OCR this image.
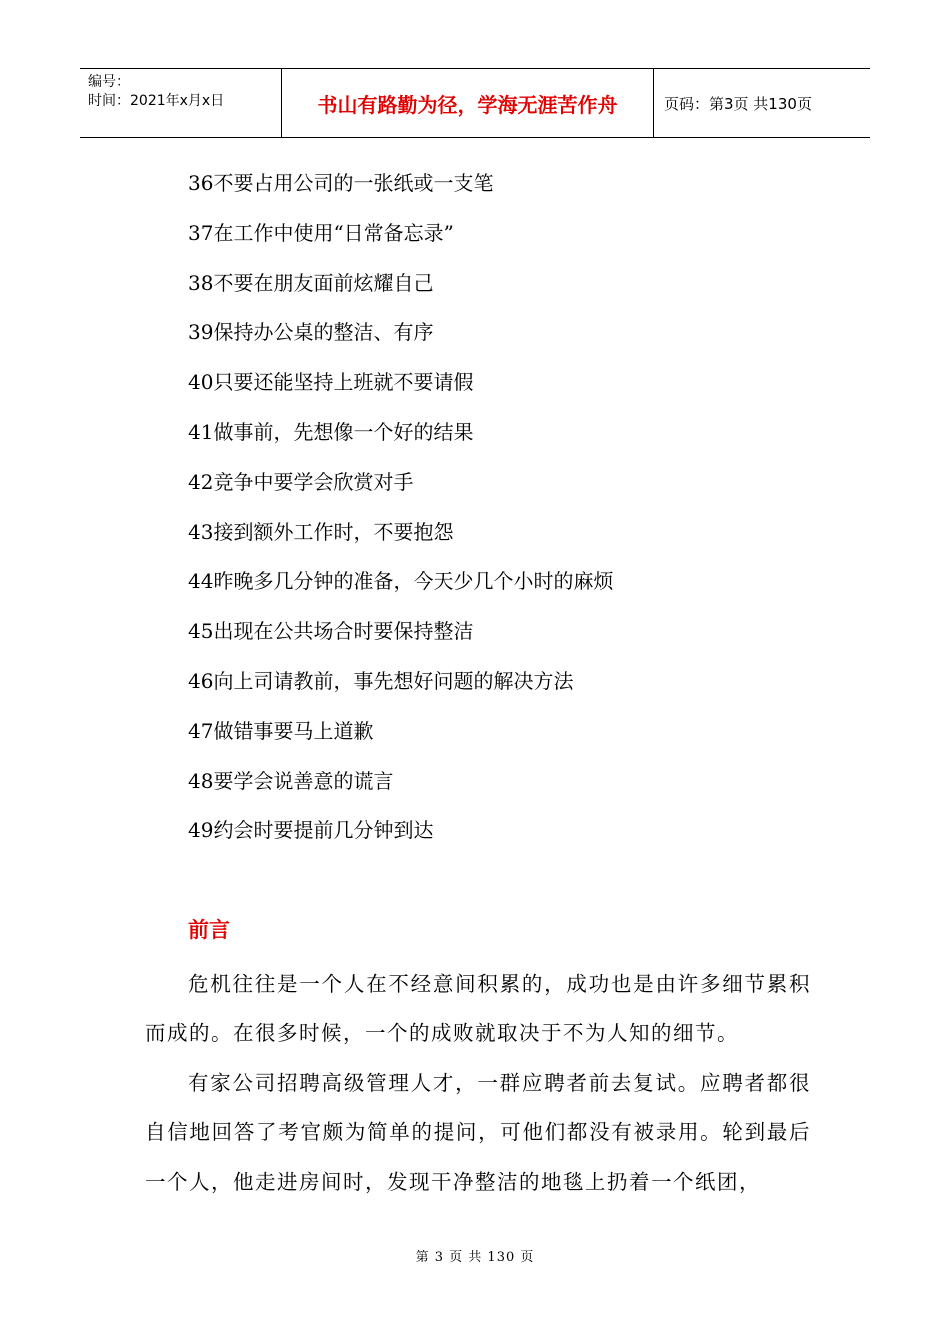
编号：
时间：2021年x月x日	书山有路勤为径，学海无涯苦作舟	页码：第3页 共130页
36不要占用公司的一张纸或一支笔
37在工作中使用“日常备忘录”
38不要在朋友面前炫耀自己
39保持办公桌的整洁、有序
40只要还能坚持上班就不要请假
41做事前，先想像一个好的结果
42竞争中要学会欣赏对手
43接到额外工作时，不要抱怨
44昨晚多几分钟的准备，今天少几个小时的麻烦
45出现在公共场合时要保持整洁
46向上司请教前，事先想好问题的解决方法
47做错事要马上道歉
48要学会说善意的谎言
49约会时要提前几分钟到达
前言

危机往往是一个人在不经意间积累的，成功也是由许多细节累积而成的。在很多时候，一个的成败就取决于不为人知的细节。

有家公司招聘高级管理人才，一群应聘者前去复试。应聘者都很自信地回答了考官颇为简单的提问，可他们都没有被录用。轮到最后一个人，他走进房间时，发现干净整洁的地毯上扔着一个纸团，

第 3 页 共 130 页
